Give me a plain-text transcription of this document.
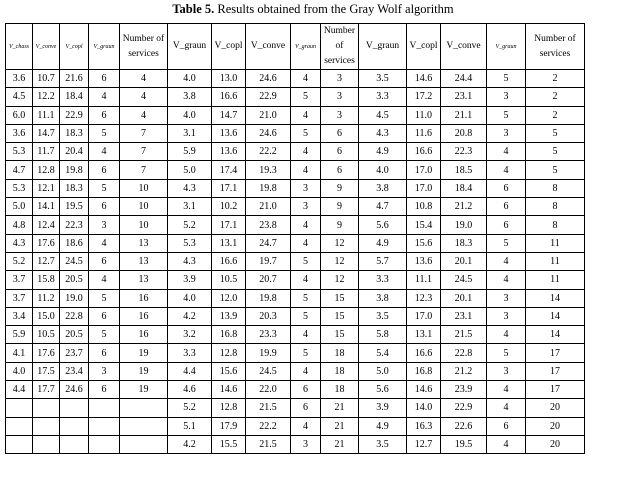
Table 5. Results obtained from the Gray Wolf algorithm
V_chass	V_conve	V_copl	V_graun	Number of services	V_graun	V_copl	V_conve	V_graun	Number of services	V_graun	V_copl	V_conve	V_graun	Number of services
3.6	10.7	21.6	6	4	4.0	13.0	24.6	4	3	3.5	14.6	24.4	5	2
4.5	12.2	18.4	4	4	3.8	16.6	22.9	5	3	3.3	17.2	23.1	3	2
6.0	11.1	22.9	6	4	4.0	14.7	21.0	4	3	4.5	11.0	21.1	5	2
3.6	14.7	18.3	5	7	3.1	13.6	24.6	5	6	4.3	11.6	20.8	3	5
5.3	11.7	20.4	4	7	5.9	13.6	22.2	4	6	4.9	16.6	22.3	4	5
4.7	12.8	19.8	6	7	5.0	17.4	19.3	4	6	4.0	17.0	18.5	4	5
5.3	12.1	18.3	5	10	4.3	17.1	19.8	3	9	3.8	17.0	18.4	6	8
5.0	14.1	19.5	6	10	3.1	10.2	21.0	3	9	4.7	10.8	21.2	6	8
4.8	12.4	22.3	3	10	5.2	17.1	23.8	4	9	5.6	15.4	19.0	6	8
4.3	17.6	18.6	4	13	5.3	13.1	24.7	4	12	4.9	15.6	18.3	5	11
5.2	12.7	24.5	6	13	4.3	16.6	19.7	5	12	5.7	13.6	20.1	4	11
3.7	15.8	20.5	4	13	3.9	10.5	20.7	4	12	3.3	11.1	24.5	4	11
3.7	11.2	19.0	5	16	4.0	12.0	19.8	5	15	3.8	12.3	20.1	3	14
3.4	15.0	22.8	6	16	4.2	13.9	20.3	5	15	3.5	17.0	23.1	3	14
5.9	10.5	20.5	5	16	3.2	16.8	23.3	4	15	5.8	13.1	21.5	4	14
4.1	17.6	23.7	6	19	3.3	12.8	19.9	5	18	5.4	16.6	22.8	5	17
4.0	17.5	23.4	3	19	4.4	15.6	24.5	4	18	5.0	16.8	21.2	3	17
4.4	17.7	24.6	6	19	4.6	14.6	22.0	6	18	5.6	14.6	23.9	4	17
					5.2	12.8	21.5	6	21	3.9	14.0	22.9	4	20
					5.1	17.9	22.2	4	21	4.9	16.3	22.6	6	20
					4.2	15.5	21.5	3	21	3.5	12.7	19.5	4	20
